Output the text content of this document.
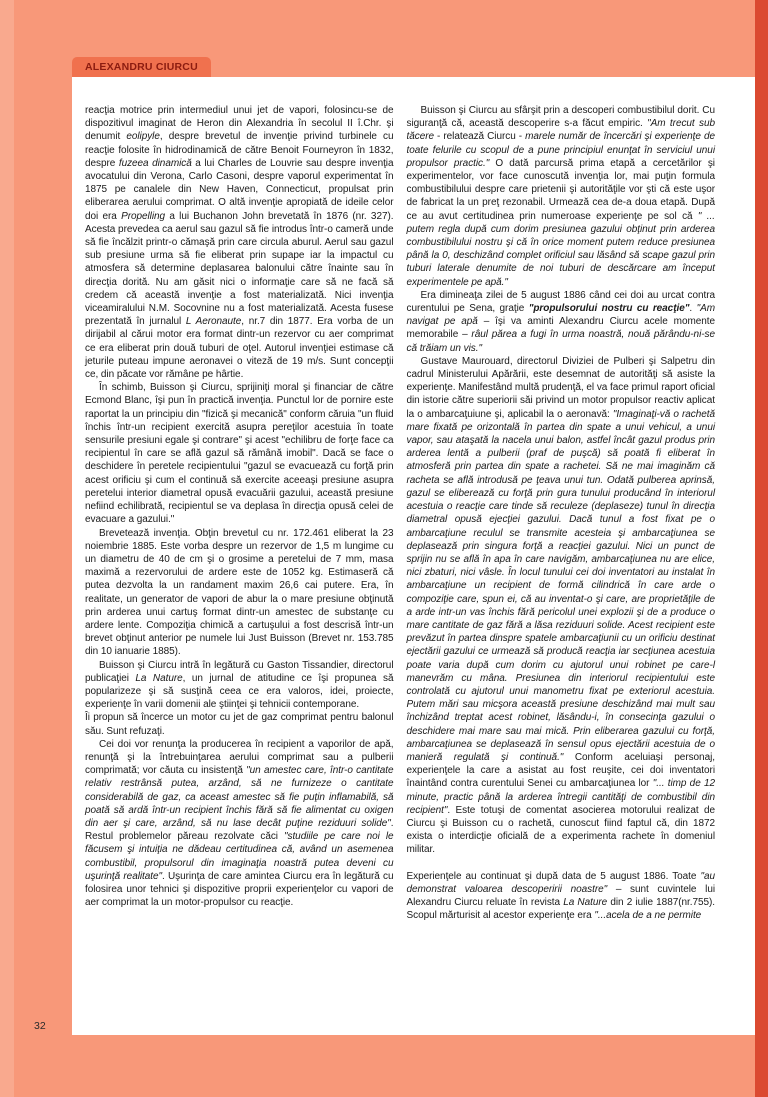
ALEXANDRU CIURCU

reacţia motrice prin intermediul unui jet de vapori, folosincu-se de dispozitivul imaginat de Heron din Alexandria în secolul II î.Chr. şi denumit eolipyle, despre brevetul de invenţie privind turbinele cu reacţie folosite în hidrodinamică de către Benoit Fourneyron în 1832, despre fuzeea dinamică a lui Charles de Louvrie sau despre invenţia avocatului din Verona, Carlo Casoni, despre vaporul experimentat în 1875 pe canalele din New Haven, Connecticut, propulsat prin eliberarea aerului comprimat. O altă invenţie apropiată de ideile celor doi era Propelling a lui Buchanon John brevetată în 1876 (nr. 327). Acesta prevedea ca aerul sau gazul să fie introdus într-o cameră unde să fie încălzit printr-o cămaşă prin care circula aburul. Aerul sau gazul sub presiune urma să fie eliberat prin supape iar la impactul cu atmosfera să determine deplasarea balonului către înainte sau în direcţia dorită. Nu am găsit nici o informaţie care să ne facă să credem că această invenţie a fost materializată. Nici invenţia viceamiralului N.M. Socovnine nu a fost materializată. Acesta fusese prezentată în jurnalul L Aeronaute, nr.7 din 1877. Era vorba de un dirijabil al cărui motor era format dintr-un rezervor cu aer comprimat ce era eliberat prin două tuburi de oţel. Autorul invenţiei estimase că jeturile puteau impune aeronavei o viteză de 19 m/s. Sunt concepţii ce, din păcate vor rămâne pe hârtie.

În schimb, Buisson şi Ciurcu, sprijiniţi moral şi financiar de către Ecmond Blanc, îşi pun în practică invenţia. Punctul lor de pornire este raportat la un principiu din "fizică şi mecanică" conform căruia "un fluid închis într-un recipient exercită asupra pereţilor acestuia în toate sensurile presiuni egale şi contrare" şi acest "echilibru de forţe face ca recipientul în care se află gazul să rămână imobil". Dacă se face o deschidere în peretele recipientului "gazul se evacuează cu forţă prin acest orificiu şi cum el continuă să exercite aceeaşi presiune asupra peretelui interior diametral opusă evacuării gazului, această presiune nefiind echilibrată, recipientul se va deplasa în direcţia opusă celei de evacuare a gazului."

Brevetează invenţia. Obţin brevetul cu nr. 172.461 eliberat la 23 noiembrie 1885. Este vorba despre un rezervor de 1,5 m lungime cu un diametru de 40 de cm şi o grosime a peretelui de 7 mm, masa maximă a rezervorului de ardere este de 1052 kg. Estimaseră că putea dezvolta la un randament maxim 26,6 cai putere. Era, în realitate, un generator de vapori de abur la o mare presiune obţinută prin arderea unui cartuş format dintr-un amestec de substanţe cu ardere lente. Compoziţia chimică a cartuşului a fost descrisă într-un brevet obţinut anterior pe numele lui Just Buisson (Brevet nr. 153.785 din 10 ianuarie 1885).

Buisson şi Ciurcu intră în legătură cu Gaston Tissandier, directorul publicaţiei La Nature, un jurnal de atitudine ce îşi propunea să popularizeze şi să susţină ceea ce era valoros, idei, proiecte, experienţe în varii domenii ale ştiinţei şi tehnicii contemporane.

Îi propun să încerce un motor cu jet de gaz comprimat pentru balonul său. Sunt refuzaţi.

Cei doi vor renunţa la producerea în recipient a vaporilor de apă, renunţă şi la întrebuinţarea aerului comprimat sau a pulberii comprimată; vor căuta cu insistenţă "un amestec care, într-o cantitate relativ restrânsă putea, arzând, să ne furnizeze o cantitate considerabilă de gaz, ca aceast amestec să fie puţin inflamabilă, să poată să ardă într-un recipient închis fără să fie alimentat cu oxigen din aer şi care, arzând, să nu lase decât puţine reziduuri solide". Restul problemelor păreau rezolvate căci "studiile pe care noi le făcusem şi intuiţia ne dădeau certitudinea că, având un asemenea combustibil, propulsorul din imaginaţia noastră putea deveni cu uşurinţă realitate". Uşurinţa de care amintea Ciurcu era în legătură cu folosirea unor tehnici şi dispozitive proprii experienţelor cu vapori de aer comprimat la un motor-propulsor cu reacţie.

Buisson şi Ciurcu au sfârşit prin a descoperi combustibilul dorit. Cu siguranţă că, această descoperire s-a făcut empiric. "Am trecut sub tăcere - relatează Ciurcu - marele număr de încercări şi experienţe de toate felurile cu scopul de a pune principiul enunţat în serviciul unui propulsor practic." O dată parcursă prima etapă a cercetărilor şi experimentelor, vor face cunoscută invenţia lor, mai puţin formula combustibilului despre care prietenii şi autorităţile vor şti că este uşor de fabricat la un preţ rezonabil. Urmează cea de-a doua etapă. După ce au avut certitudinea prin numeroase experienţe pe sol că " ... putem regla după cum dorim presiunea gazului obţinut prin arderea combustibilului nostru şi că în orice moment putem reduce presiunea până la 0, deschizând complet orificiul sau lăsând să scape gazul prin tuburi laterale denumite de noi tuburi de descărcare am început experimentele pe apă."

Era dimineaţa zilei de 5 august 1886 când cei doi au urcat contra curentului pe Sena, graţie "propulsorului nostru cu reacţie". "Am navigat pe apă – îşi va aminti Alexandru Ciurcu acele momente memorabile – râul părea a fugi în urma noastră, nouă părându-ni-se că trăiam un vis."

Gustave Maurouard, directorul Diviziei de Pulberi şi Salpetru din cadrul Ministerului Apărării, este desemnat de autorităţi să asiste la experienţe. Manifestând multă prudenţă, el va face primul raport oficial din istorie către superiorii săi privind un motor propulsor reactiv aplicat la o ambarcaţuiune şi, aplicabil la o aeronavă: "Imaginaţi-vă o rachetă mare fixată pe orizontală în partea din spate a unui vehicul, a unui vapor, sau ataşată la nacela unui balon, astfel încât gazul produs prin arderea lentă a pulberii (praf de puşcă) să poată fi eliberat în atmosferă prin partea din spate a rachetei. Să ne mai imaginăm că racheta se află introdusă pe ţeava unui tun. Odată pulberea aprinsă, gazul se eliberează cu forţă prin gura tunului producând în interiorul acestuia o reacţie care tinde să reculeze (deplaseze) tunul în direcţia diametral opusă ejecţiei gazului. Dacă tunul a fost fixat pe o ambarcaţiune reculul se transmite acesteia şi ambarcaţiunea se deplasează prin singura forţă a reacţiei gazului. Nici un punct de sprijin nu se află în apa în care navigăm, ambarcaţiunea nu are elice, nici zbaturi, nici vâsle. În locul tunului cei doi inventatori au instalat în ambarcaţiune un recipient de formă cilindrică în care arde o compoziţie care, spun ei, că au inventat-o şi care, are proprietăţile de a arde intr-un vas închis fără pericolul unei explozii şi de a produce o mare cantitate de gaz fără a lăsa reziduuri solide. Acest recipient este prevăzut în partea dinspre spatele ambarcaţiunii cu un orificiu destinat ejectării gazului ce urmează să producă reacţia iar secţiunea acestuia poate varia după cum dorim cu ajutorul unui robinet pe care-l manevrăm cu mâna. Presiunea din interiorul recipientului este controlată cu ajutorul unui manometru fixat pe exteriorul acestuia. Putem mări sau micşora această presiune deschizând mai mult sau închizând treptat acest robinet, lăsându-i, în consecinţa gazului o deschidere mai mare sau mai mică. Prin eliberarea gazului cu forţă, ambarcaţiunea se deplasează în sensul opus ejectării acestuia de o manieră regulată şi continuă." Conform aceluiaşi personaj, experienţele la care a asistat au fost reuşite, cei doi inventatori înaintând contra curentului Senei cu ambarcaţiunea lor "... timp de 12 minute, practic până la arderea întregii cantităţi de combustibil din recipient". Este totuşi de comentat asocierea motorului realizat de Ciurcu şi Buisson cu o rachetă, cunoscut fiind faptul că, din 1872 exista o interdicţie oficială de a experimenta rachete în domeniul militar.

Experienţele au continuat şi după data de 5 august 1886. Toate "au demonstrat valoarea descoperirii noastre" – sunt cuvintele lui Alexandru Ciurcu reluate în revista La Nature din 2 iulie 1887(nr.755). Scopul mărturisit al acestor experienţe era "...acela de a ne permite

32
